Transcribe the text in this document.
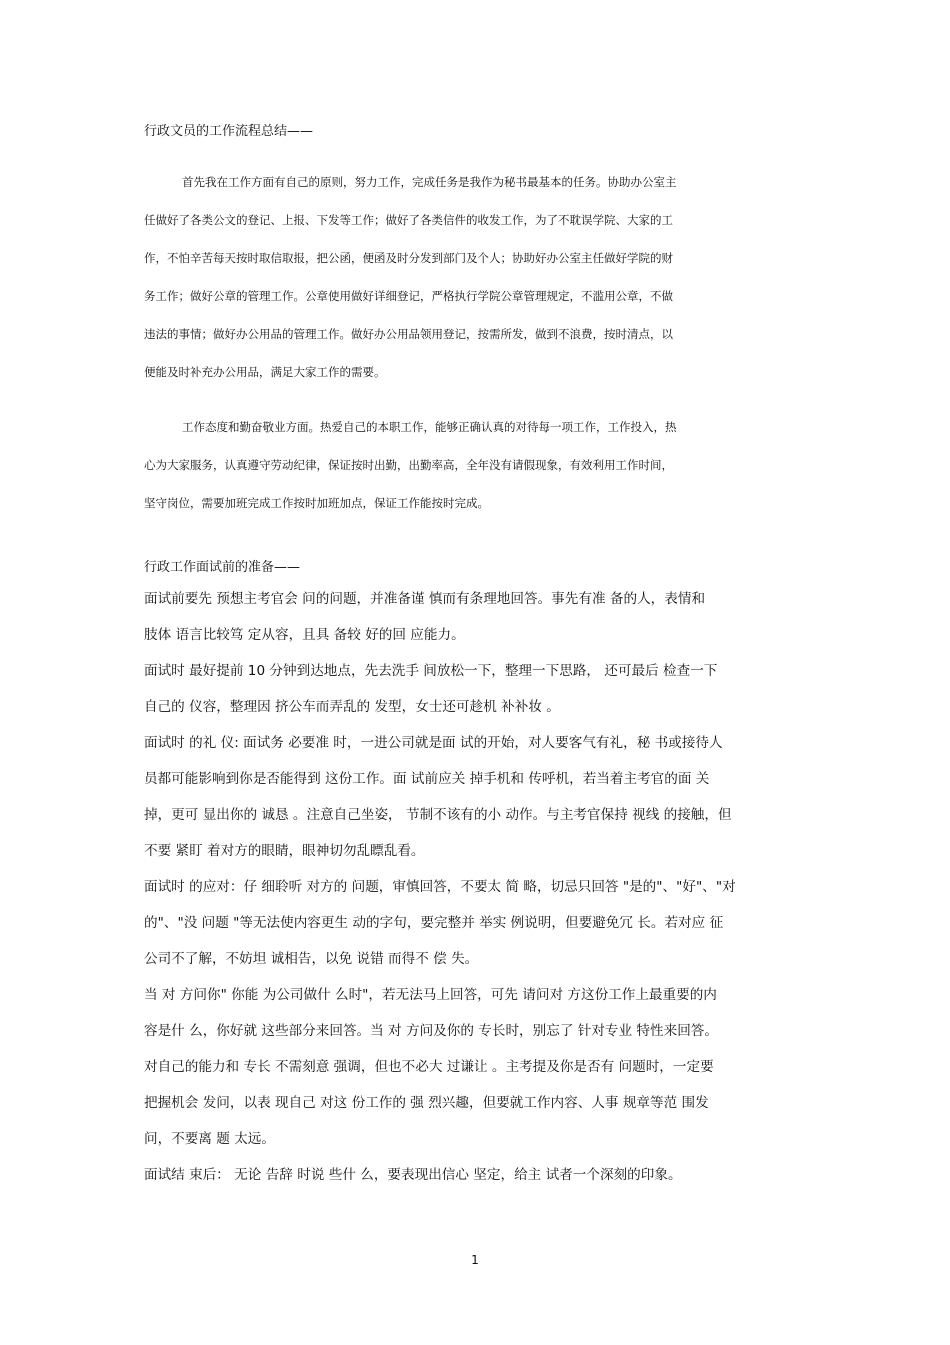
行政文员的工作流程总结——
首先我在工作方面有自己的原则，努力工作，完成任务是我作为秘书最基本的任务。协助办公室主
任做好了各类公文的登记、上报、下发等工作；做好了各类信件的收发工作，为了不耽误学院、大家的工
作，不怕辛苦每天按时取信取报，把公函，便函及时分发到部门及个人；协助好办公室主任做好学院的财
务工作；做好公章的管理工作。公章使用做好详细登记，严格执行学院公章管理规定，不滥用公章，不做
违法的事情；做好办公用品的管理工作。做好办公用品领用登记，按需所发，做到不浪费，按时清点，以
便能及时补充办公用品，满足大家工作的需要。
工作态度和勤奋敬业方面。热爱自己的本职工作，能够正确认真的对待每一项工作，工作投入，热
心为大家服务，认真遵守劳动纪律，保证按时出勤，出勤率高，全年没有请假现象，有效利用工作时间，
坚守岗位，需要加班完成工作按时加班加点，保证工作能按时完成。
行政工作面试前的准备——
面试前要先 预想主考官会 问的问题，并准备谨 慎而有条理地回答。事先有准 备的人，表情和
肢体 语言比较笃 定从容，且具 备较 好的回 应能力。
面试时 最好提前 10 分钟到达地点，先去洗手 间放松一下，整理一下思路， 还可最后 检查一下
自己的 仪容，整理因 挤公车而弄乱的 发型，女士还可趁机 补补妆 。
面试时 的礼 仪: 面试务 必要准 时，一进公司就是面 试的开始，对人要客气有礼，秘 书或接待人
员都可能影响到你是否能得到 这份工作。面 试前应关 掉手机和 传呼机，若当着主考官的面 关
掉，更可 显出你的 诚恳 。注意自己坐姿， 节制不该有的小 动作。与主考官保持 视线 的接触，但
不要 紧盯 着对方的眼睛，眼神切勿乱瞟乱看。
面试时 的应对：仔 细聆听 对方的 问题，审慎回答，不要太 简 略，切忌只回答 "是的"、"好"、"对
的"、"没 问题 "等无法使内容更生 动的字句，要完整并 举实 例说明，但要避免冗 长。若对应 征
公司不了解，不妨坦 诚相告，以免 说错 而得不 偿 失。
当 对 方问你" 你能 为公司做什 么时"，若无法马上回答，可先 请问对 方这份工作上最重要的内
容是什 么，你好就 这些部分来回答。当 对 方问及你的 专长时，别忘了 针对专业 特性来回答。
对自己的能力和 专长 不需刻意 强调，但也不必大 过谦让 。主考提及你是否有 问题时，一定要
把握机会 发问，以表 现自己 对这 份工作的 强 烈兴趣，但要就工作内容、人事 规章等范 围发
问，不要离 题 太远。
面试结 束后： 无论 告辞 时说 些什 么，要表现出信心 坚定，给主 试者一个深刻的印象。
1
